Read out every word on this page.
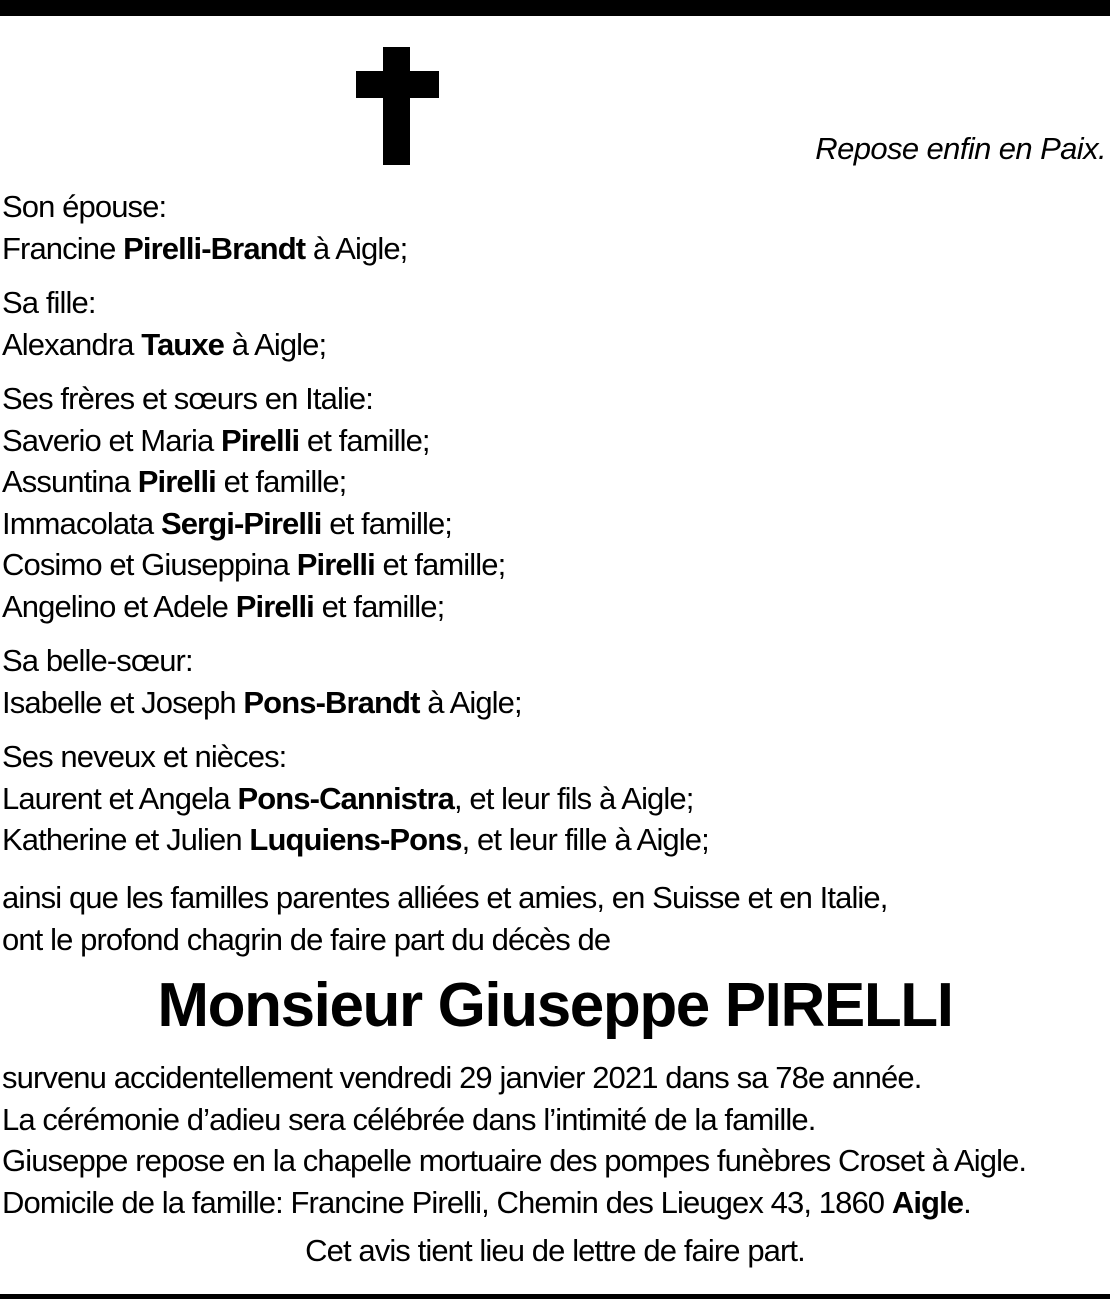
Repose enfin en Paix.
Son épouse:
Francine Pirelli-Brandt à Aigle;
Sa fille:
Alexandra Tauxe à Aigle;
Ses frères et sœurs en Italie:
Saverio et Maria Pirelli et famille;
Assuntina Pirelli et famille;
Immacolata Sergi-Pirelli et famille;
Cosimo et Giuseppina Pirelli et famille;
Angelino et Adele Pirelli et famille;
Sa belle-sœur:
Isabelle et Joseph Pons-Brandt à Aigle;
Ses neveux et nièces:
Laurent et Angela Pons-Cannistra, et leur fils à Aigle;
Katherine et Julien Luquiens-Pons, et leur fille à Aigle;
ainsi que les familles parentes alliées et amies, en Suisse et en Italie,
ont le profond chagrin de faire part du décès de
Monsieur Giuseppe PIRELLI
survenu accidentellement vendredi 29 janvier 2021 dans sa 78e année.
La cérémonie d’adieu sera célébrée dans l’intimité de la famille.
Giuseppe repose en la chapelle mortuaire des pompes funèbres Croset à Aigle.
Domicile de la famille: Francine Pirelli, Chemin des Lieugex 43, 1860 Aigle.
Cet avis tient lieu de lettre de faire part.
